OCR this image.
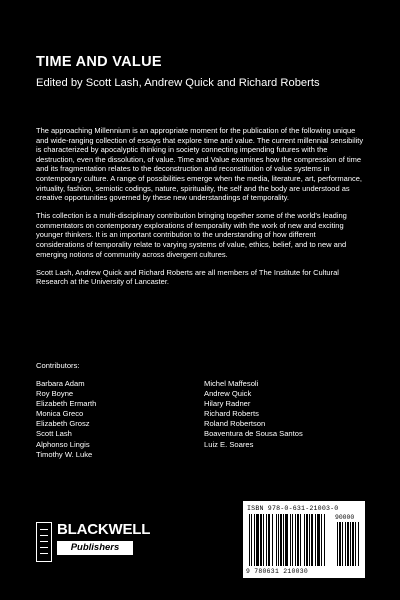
TIME AND VALUE
Edited by Scott Lash, Andrew Quick and Richard Roberts

The approaching Millennium is an appropriate moment for the publication of the following unique and wide-ranging collection of essays that explore time and value. The current millennial sensibility is characterized by apocalyptic thinking in society connecting impending futures with the destruction, even the dissolution, of value. Time and Value examines how the compression of time and its fragmentation relates to the deconstruction and reconstitution of value systems in contemporary culture. A range of possibilities emerge when the media, literature, art, performance, virtuality, fashion, semiotic codings, nature, spirituality, the self and the body are understood as creative opportunities governed by these new understandings of temporality.

This collection is a multi-disciplinary contribution bringing together some of the world’s leading commentators on contemporary explorations of temporality with the work of new and exciting younger thinkers. It is an important contribution to the understanding of how different considerations of temporality relate to varying systems of value, ethics, belief, and to new and emerging notions of community across divergent cultures.

Scott Lash, Andrew Quick and Richard Roberts are all members of The Institute for Cultural Research at the University of Lancaster.

Contributors:
Barbara Adam
Roy Boyne
Elizabeth Ermarth
Monica Greco
Elizabeth Grosz
Scott Lash
Alphonso Lingis
Timothy W. Luke
Michel Maffesoli
Andrew Quick
Hilary Radner
Richard Roberts
Roland Robertson
Boaventura de Sousa Santos
Luiz E. Soares
BLACKWELL
Publishers
ISBN 978-0-631-21003-0
90000
9 780631 210030
